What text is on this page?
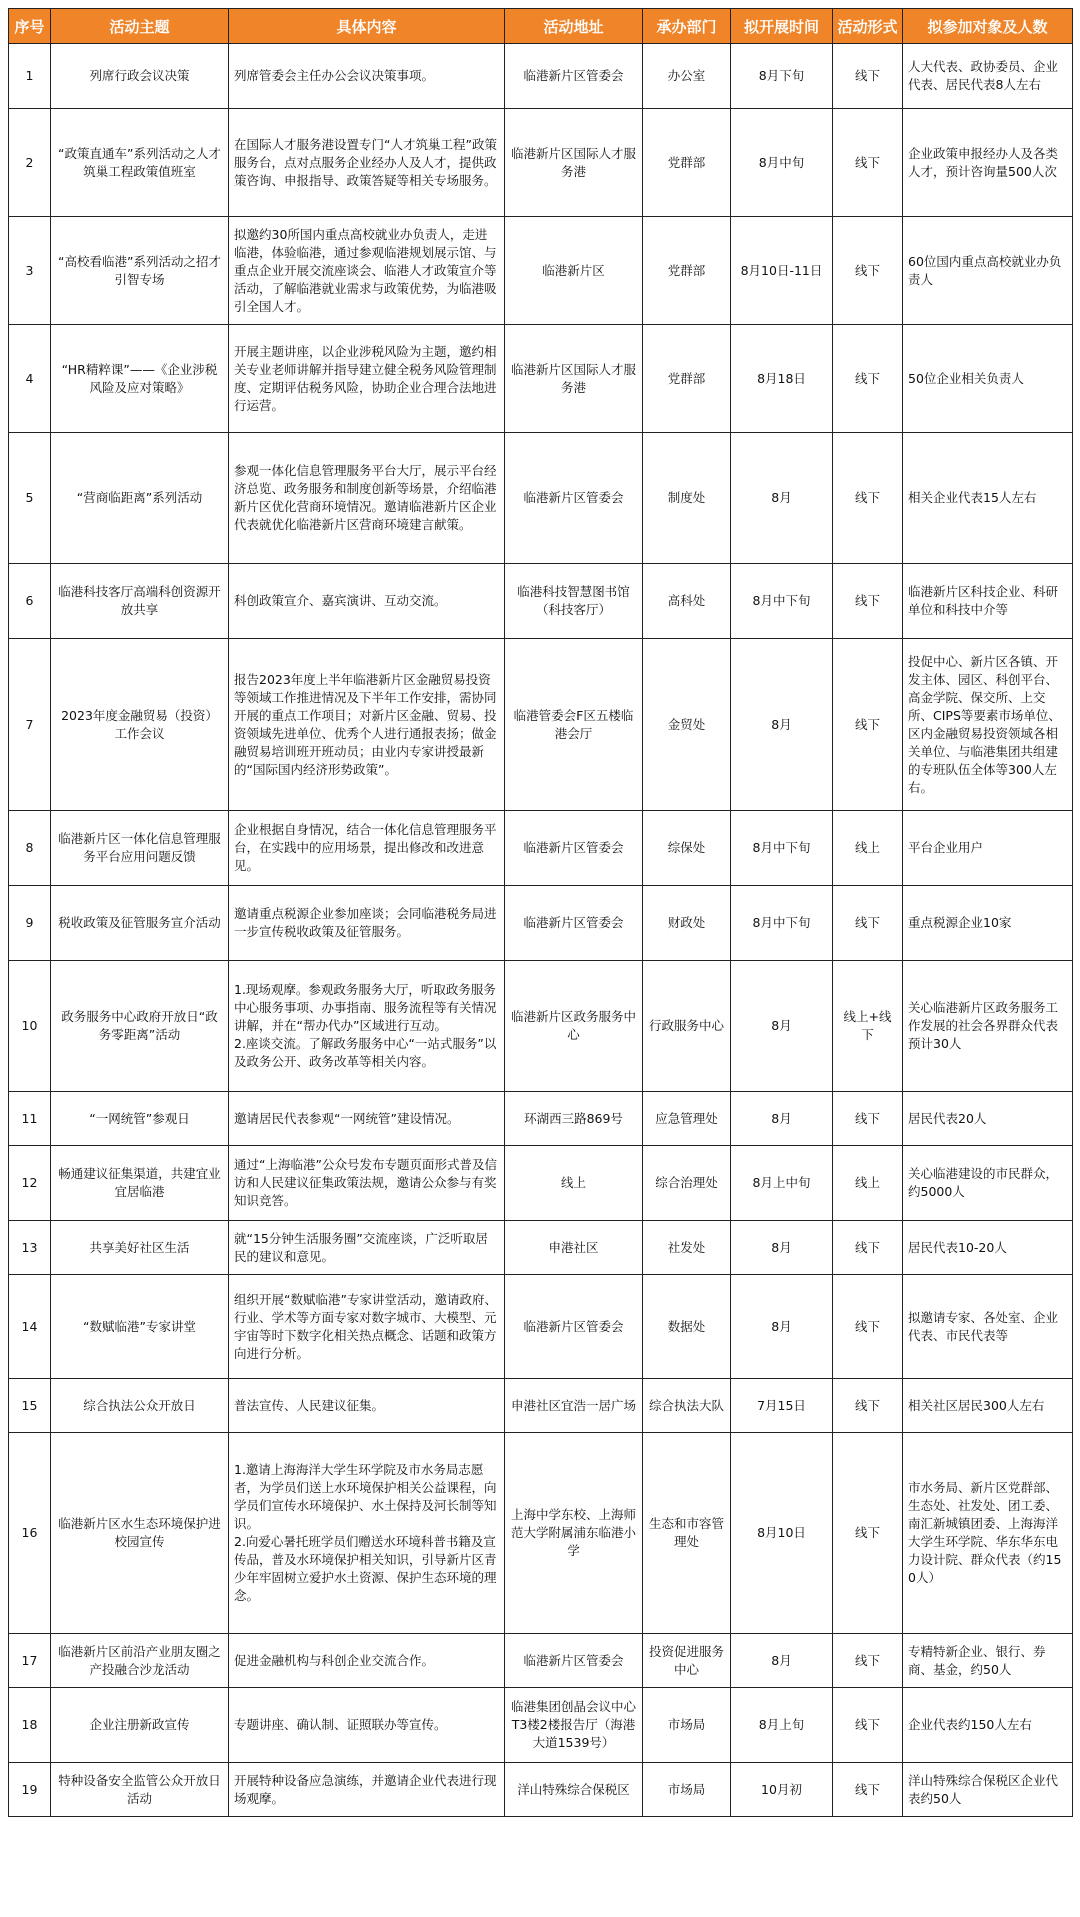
序号	活动主题	具体内容	活动地址	承办部门	拟开展时间	活动形式	拟参加对象及人数
1	列席行政会议决策	列席管委会主任办公会议决策事项。	临港新片区管委会	办公室	8月下旬	线下	人大代表、政协委员、企业代表、居民代表8人左右
2	“政策直通车”系列活动之人才筑巢工程政策值班室	在国际人才服务港设置专门“人才筑巢工程”政策服务台，点对点服务企业经办人及人才，提供政策咨询、申报指导、政策答疑等相关专场服务。	临港新片区国际人才服务港	党群部	8月中旬	线下	企业政策申报经办人及各类人才，预计咨询量500人次
3	“高校看临港”系列活动之招才引智专场	拟邀约30所国内重点高校就业办负责人，走进临港，体验临港，通过参观临港规划展示馆、与重点企业开展交流座谈会、临港人才政策宣介等活动，了解临港就业需求与政策优势，为临港吸引全国人才。	临港新片区	党群部	8月10日-11日	线下	60位国内重点高校就业办负责人
4	“HR精粹课”——《企业涉税风险及应对策略》	开展主题讲座，以企业涉税风险为主题，邀约相关专业老师讲解并指导建立健全税务风险管理制度、定期评估税务风险，协助企业合理合法地进行运营。	临港新片区国际人才服务港	党群部	8月18日	线下	50位企业相关负责人
5	“营商临距离”系列活动	参观一体化信息管理服务平台大厅，展示平台经济总览、政务服务和制度创新等场景，介绍临港新片区优化营商环境情况。邀请临港新片区企业代表就优化临港新片区营商环境建言献策。	临港新片区管委会	制度处	8月	线下	相关企业代表15人左右
6	临港科技客厅高端科创资源开放共享	科创政策宣介、嘉宾演讲、互动交流。	临港科技智慧图书馆（科技客厅）	高科处	8月中下旬	线下	临港新片区科技企业、科研单位和科技中介等
7	2023年度金融贸易（投资）工作会议	报告2023年度上半年临港新片区金融贸易投资等领域工作推进情况及下半年工作安排，需协同开展的重点工作项目；对新片区金融、贸易、投资领域先进单位、优秀个人进行通报表扬；做金融贸易培训班开班动员；由业内专家讲授最新的“国际国内经济形势政策”。	临港管委会F区五楼临港会厅	金贸处	8月	线下	投促中心、新片区各镇、开发主体、园区、科创平台、高金学院、保交所、上交所、CIPS等要素市场单位、区内金融贸易投资领域各相关单位、与临港集团共组建的专班队伍全体等300人左右。
8	临港新片区一体化信息管理服务平台应用问题反馈	企业根据自身情况，结合一体化信息管理服务平台，在实践中的应用场景，提出修改和改进意见。	临港新片区管委会	综保处	8月中下旬	线上	平台企业用户
9	税收政策及征管服务宣介活动	邀请重点税源企业参加座谈；会同临港税务局进一步宣传税收政策及征管服务。	临港新片区管委会	财政处	8月中下旬	线下	重点税源企业10家
10	政务服务中心政府开放日“政务零距离”活动	1.现场观摩。参观政务服务大厅，听取政务服务中心服务事项、办事指南、服务流程等有关情况讲解，并在“帮办代办”区域进行互动。
2.座谈交流。了解政务服务中心“一站式服务”以及政务公开、政务改革等相关内容。	临港新片区政务服务中心	行政服务中心	8月	线上+线下	关心临港新片区政务服务工作发展的社会各界群众代表预计30人
11	“一网统管”参观日	邀请居民代表参观“一网统管”建设情况。	环湖西三路869号	应急管理处	8月	线下	居民代表20人
12	畅通建议征集渠道，共建宜业宜居临港	通过“上海临港”公众号发布专题页面形式普及信访和人民建议征集政策法规，邀请公众参与有奖知识竞答。	线上	综合治理处	8月上中旬	线上	关心临港建设的市民群众，约5000人
13	共享美好社区生活	就“15分钟生活服务圈”交流座谈，广泛听取居民的建议和意见。	申港社区	社发处	8月	线下	居民代表10-20人
14	“数赋临港”专家讲堂	组织开展“数赋临港”专家讲堂活动，邀请政府、行业、学术等方面专家对数字城市、大模型、元宇宙等时下数字化相关热点概念、话题和政策方向进行分析。	临港新片区管委会	数据处	8月	线下	拟邀请专家、各处室、企业代表、市民代表等
15	综合执法公众开放日	普法宣传、人民建议征集。	申港社区宜浩一居广场	综合执法大队	7月15日	线下	相关社区居民300人左右
16	临港新片区水生态环境保护进校园宣传	1.邀请上海海洋大学生环学院及市水务局志愿者，为学员们送上水环境保护相关公益课程，向学员们宣传水环境保护、水土保持及河长制等知识。
2.向爱心暑托班学员们赠送水环境科普书籍及宣传品，普及水环境保护相关知识，引导新片区青少年牢固树立爱护水土资源、保护生态环境的理念。	上海中学东校、上海师范大学附属浦东临港小学	生态和市容管理处	8月10日	线下	市水务局、新片区党群部、生态处、社发处、团工委、南汇新城镇团委、上海海洋大学生环学院、华东华东电力设计院、群众代表（约150人）
17	临港新片区前沿产业朋友圈之产投融合沙龙活动	促进金融机构与科创企业交流合作。	临港新片区管委会	投资促进服务中心	8月	线下	专精特新企业、银行、券商、基金，约50人
18	企业注册新政宣传	专题讲座、确认制、证照联办等宣传。	临港集团创晶会议中心T3楼2楼报告厅（海港大道1539号）	市场局	8月上旬	线下	企业代表约150人左右
19	特种设备安全监管公众开放日活动	开展特种设备应急演练，并邀请企业代表进行现场观摩。	洋山特殊综合保税区	市场局	10月初	线下	洋山特殊综合保税区企业代表约50人
